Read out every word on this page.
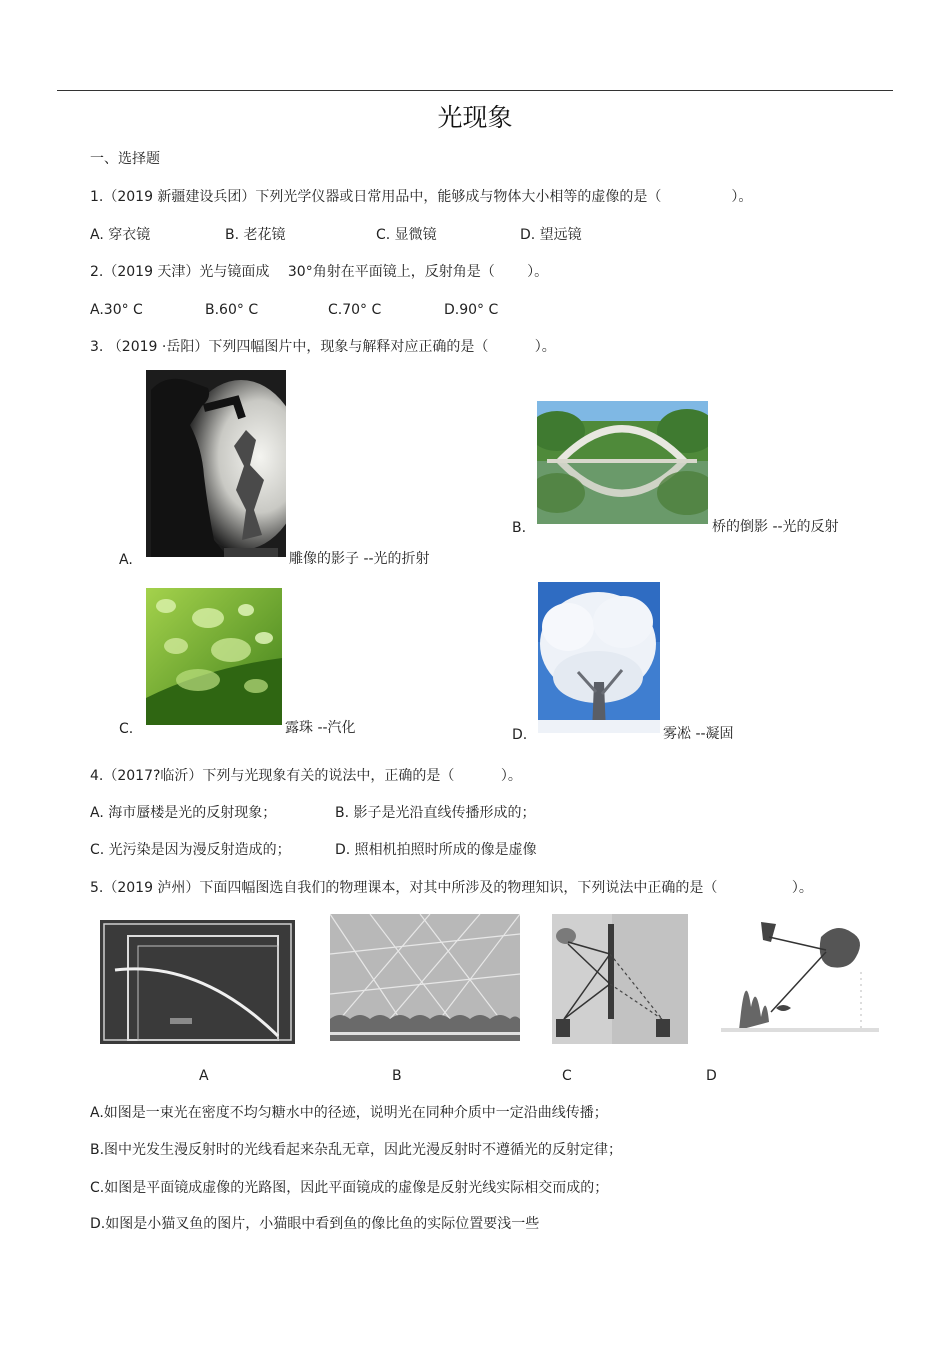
光现象
一、选择题
1.（2019 新疆建设兵团）下列光学仪器或日常用品中，能够成与物体大小相等的虚像的是（　　　　　）。
A. 穿衣镜	B. 老花镜	C. 显微镜	D. 望远镜
2.（2019 天津）光与镜面成　 30°角射在平面镜上，反射角是（　　 ）。
A.30° C	B.60° C	C.70° C	D.90° C
3. （2019 ·岳阳）下列四幅图片中，现象与解释对应正确的是（　　　 ）。
A.	雕像的影子 --光的折射
B.	桥的倒影 --光的反射
C.	露珠 --汽化	D.	雾凇 --凝固
4.（2017?临沂）下列与光现象有关的说法中，正确的是（　　　 ）。
A. 海市蜃楼是光的反射现象；	B. 影子是光沿直线传播形成的；
C. 光污染是因为漫反射造成的；	D. 照相机拍照时所成的像是虚像
5.（2019 泸州）下面四幅图选自我们的物理课本，对其中所涉及的物理知识，下列说法中正确的是（　　　　　 ）。
A	B	C	D
A.如图是一束光在密度不均匀糖水中的径迹，说明光在同种介质中一定沿曲线传播；
B.图中光发生漫反射时的光线看起来杂乱无章，因此光漫反射时不遵循光的反射定律；
C.如图是平面镜成虚像的光路图，因此平面镜成的虚像是反射光线实际相交而成的；
D.如图是小猫叉鱼的图片，小猫眼中看到鱼的像比鱼的实际位置要浅一些
